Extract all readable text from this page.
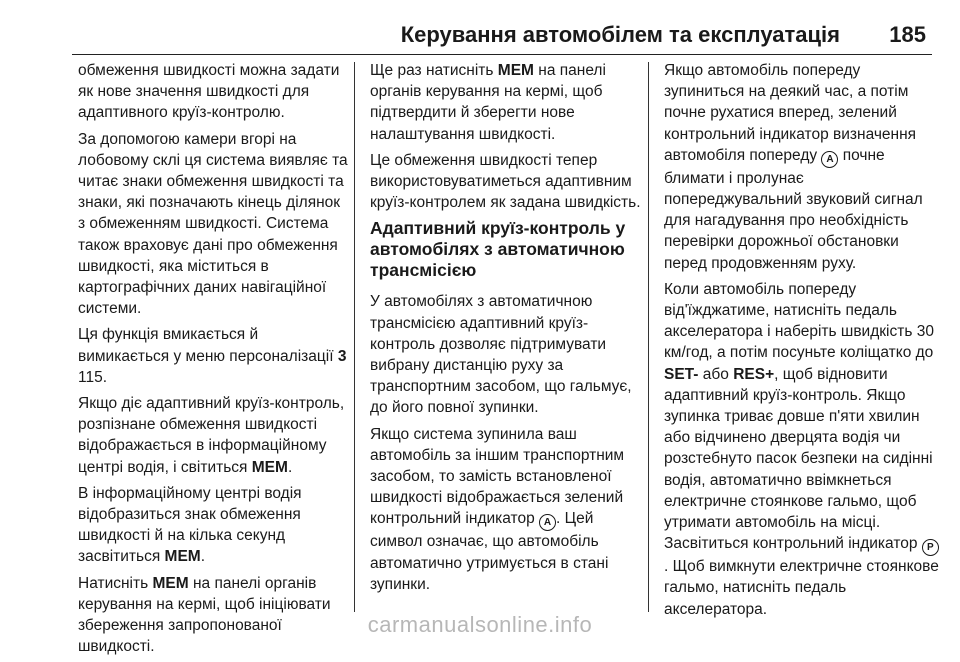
Керування автомобілем та експлуатація 185

обмеження швидкості можна задати як нове значення швидкості для адаптивного круїз-контролю.

За допомогою камери вгорі на лобовому склі ця система виявляє та читає знаки обмеження швидкості та знаки, які позначають кінець ділянок з обмеженням швидкості. Система також враховує дані про обмеження швидкості, яка міститься в картографічних даних навігаційної системи.

Ця функція вмикається й вимикається у меню персоналізації 3 115.

Якщо діє адаптивний круїз-контроль, розпізнане обмеження швидкості відображається в інформаційному центрі водія, і світиться MEM.

В інформаційному центрі водія відобразиться знак обмеження швидкості й на кілька секунд засвітиться MEM.

Натисніть MEM на панелі органів керування на кермі, щоб ініціювати збереження запропонованої швидкості.

Ще раз натисніть MEM на панелі органів керування на кермі, щоб підтвердити й зберегти нове налаштування швидкості.

Це обмеження швидкості тепер використовуватиметься адаптивним круїз-контролем як задана швидкість.

Адаптивний круїз-контроль у автомобілях з автоматичною трансмісією

У автомобілях з автоматичною трансмісією адаптивний круїз-контроль дозволяє підтримувати вибрану дистанцію руху за транспортним засобом, що гальмує, до його повної зупинки.

Якщо система зупинила ваш автомобіль за іншим транспортним засобом, то замість встановленої швидкості відображається зелений контрольний індикатор A . Цей символ означає, що автомобіль автоматично утримується в стані зупинки.

Якщо автомобіль попереду зупиниться на деякий час, а потім почне рухатися вперед, зелений контрольний індикатор визначення автомобіля попереду A почне блимати і пролунає попереджувальний звуковий сигнал для нагадування про необхідність перевірки дорожньої обстановки перед продовженням руху.

Коли автомобіль попереду від'їжджатиме, натисніть педаль акселератора і наберіть швидкість 30 км/год, а потім посуньте коліщатко до SET- або RES+, щоб відновити адаптивний круїз-контроль. Якщо зупинка триває довше п'яти хвилин або відчинено дверцята водія чи розстебнуто пасок безпеки на сидінні водія, автоматично ввімкнеться електричне стоянкове гальмо, щоб утримати автомобіль на місці. Засвітиться контрольний індикатор P. Щоб вимкнути електричне стоянкове гальмо, натисніть педаль акселератора.

carmanualsonline.info
